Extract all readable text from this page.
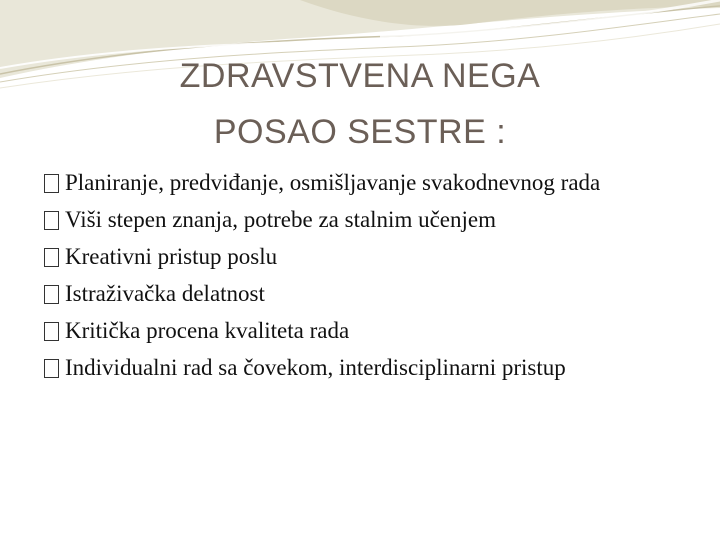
ZDRAVSTVENA NEGA
POSAO SESTRE :
Planiranje, predviđanje, osmišljavanje svakodnevnog rada
Viši stepen znanja, potrebe za stalnim učenjem
Kreativni pristup poslu
Istraživačka delatnost
Kritička procena kvaliteta rada
Individualni rad sa čovekom, interdisciplinarni pristup
